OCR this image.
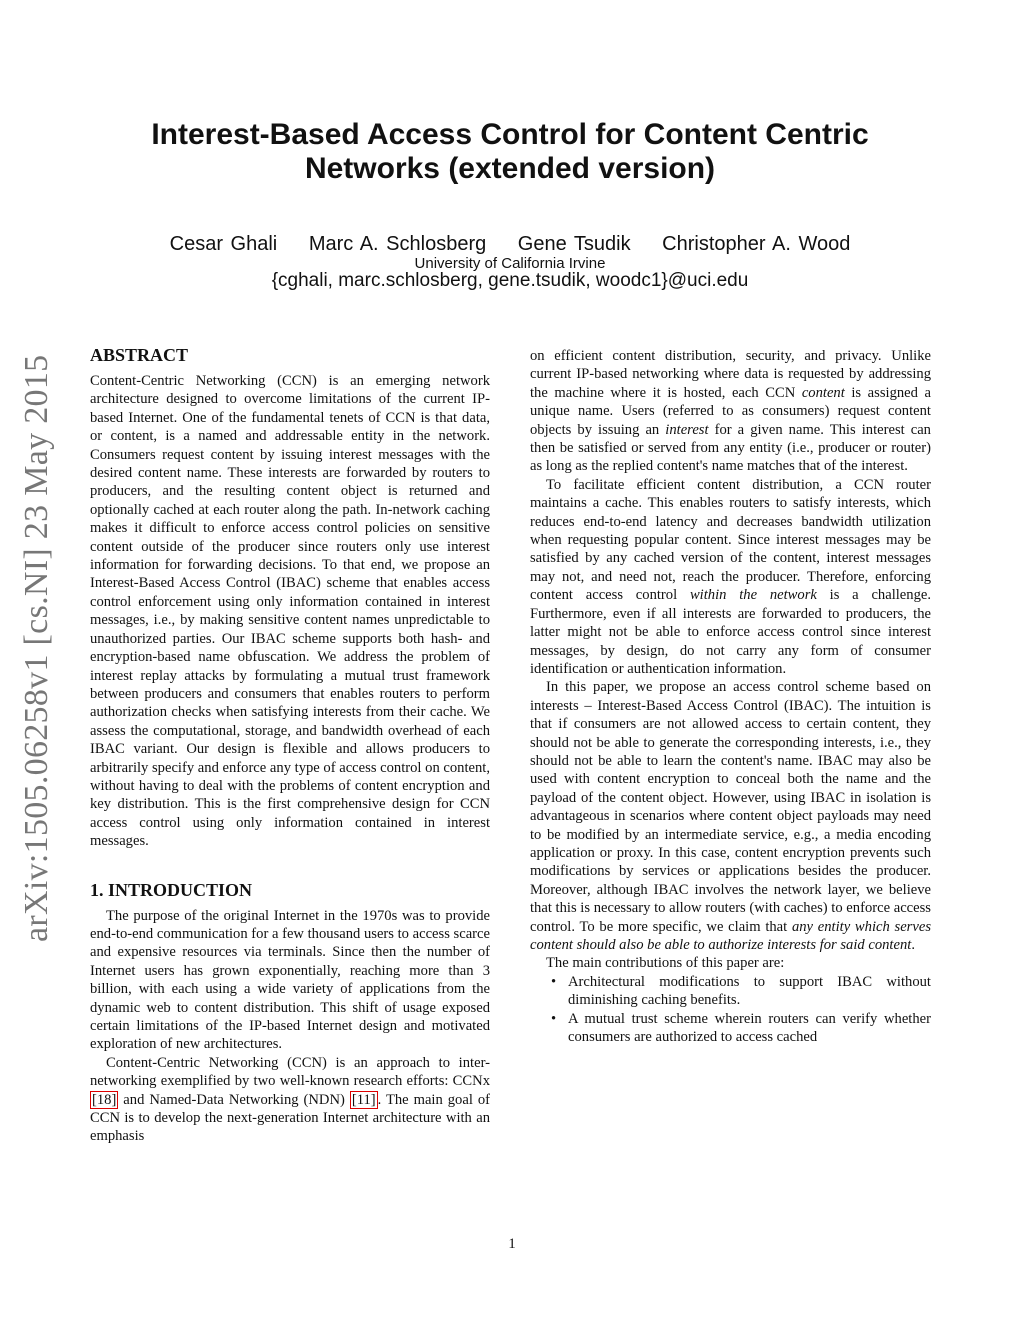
Interest-Based Access Control for Content Centric Networks (extended version)
Cesar Ghali Marc A. Schlosberg Gene Tsudik Christopher A. Wood
University of California Irvine
{cghali, marc.schlosberg, gene.tsudik, woodc1}@uci.edu
arXiv:1505.06258v1 [cs.NI] 23 May 2015 ABSTRACT

Content-Centric Networking (CCN) is an emerging network architecture designed to overcome limitations of the current IP-based Internet. One of the fundamental tenets of CCN is that data, or content, is a named and addressable entity in the network. Consumers request content by issuing interest messages with the desired content name. These interests are forwarded by routers to producers, and the resulting content object is returned and optionally cached at each router along the path. In-network caching makes it difficult to enforce access control policies on sensitive content outside of the producer since routers only use interest information for forwarding decisions. To that end, we propose an Interest-Based Access Control (IBAC) scheme that enables access control enforcement using only information contained in interest messages, i.e., by making sensitive content names unpredictable to unauthorized parties. Our IBAC scheme supports both hash- and encryption-based name obfuscation. We address the problem of interest replay attacks by formulating a mutual trust framework between producers and consumers that enables routers to perform authorization checks when satisfying interests from their cache. We assess the computational, storage, and bandwidth overhead of each IBAC variant. Our design is flexible and allows producers to arbitrarily specify and enforce any type of access control on content, without having to deal with the problems of content encryption and key distribution. This is the first comprehensive design for CCN access control using only information contained in interest messages.

1. INTRODUCTION

The purpose of the original Internet in the 1970s was to provide end-to-end communication for a few thousand users to access scarce and expensive resources via terminals. Since then the number of Internet users has grown exponentially, reaching more than 3 billion, with each using a wide variety of applications from the dynamic web to content distribution. This shift of usage exposed certain limitations of the IP-based Internet design and motivated exploration of new architectures.

Content-Centric Networking (CCN) is an approach to inter-networking exemplified by two well-known research efforts: CCNx [18] and Named-Data Networking (NDN) [11] . The main goal of CCN is to develop the next-generation Internet architecture with an emphasis

on efficient content distribution, security, and privacy. Unlike current IP-based networking where data is requested by addressing the machine where it is hosted, each CCN content is assigned a unique name. Users (referred to as consumers) request content objects by issuing an interest for a given name. This interest can then be satisfied or served from any entity (i.e., producer or router) as long as the replied content's name matches that of the interest.

To facilitate efficient content distribution, a CCN router maintains a cache. This enables routers to satisfy interests, which reduces end-to-end latency and decreases bandwidth utilization when requesting popular content. Since interest messages may be satisfied by any cached version of the content, interest messages may not, and need not, reach the producer. Therefore, enforcing content access control within the network is a challenge. Furthermore, even if all interests are forwarded to producers, the latter might not be able to enforce access control since interest messages, by design, do not carry any form of consumer identification or authentication information.

In this paper, we propose an access control scheme based on interests – Interest-Based Access Control (IBAC). The intuition is that if consumers are not allowed access to certain content, they should not be able to generate the corresponding interests, i.e., they should not be able to learn the content's name. IBAC may also be used with content encryption to conceal both the name and the payload of the content object. However, using IBAC in isolation is advantageous in scenarios where content object payloads may need to be modified by an intermediate service, e.g., a media encoding application or proxy. In this case, content encryption prevents such modifications by services or applications besides the producer. Moreover, although IBAC involves the network layer, we believe that this is necessary to allow routers (with caches) to enforce access control. To be more specific, we claim that any entity which serves content should also be able to authorize interests for said content.

The main contributions of this paper are:

• Architectural modifications to support IBAC without diminishing caching benefits.
• A mutual trust scheme wherein routers can verify whether consumers are authorized to access cached
1
